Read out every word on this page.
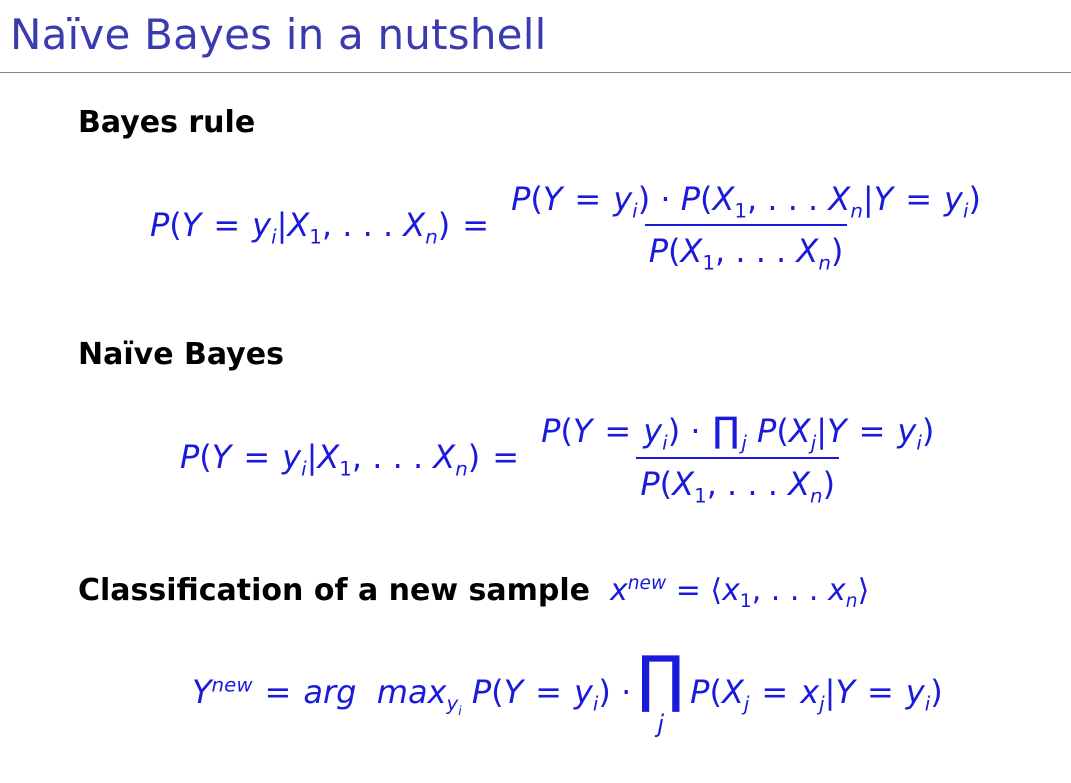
Naïve Bayes in a nutshell
Bayes rule
$P(Y = y_i|X_1$, . . . $X_n) = \frac{P(Y = y_i) \cdot P(X_1, . . . X_n|Y = y_i)}{P(X_1, . . . X_n)}$
Naïve Bayes
$P(Y = y_i|X_1$, . . . $X_n) = \frac{P(Y = y_i) \cdot \prod _j P(X_j|Y = y_i)}{P(X_1, . . . X_n)}$
Classification of a new sample  $x^{new}$ = $⟨x_1$, . . . $x_n⟩$
$Y^{new}$ = arg  $\max_{y_i} P(Y = y_i)$ · ∏
j
$P(X_j = x_j|Y = y_i)$
